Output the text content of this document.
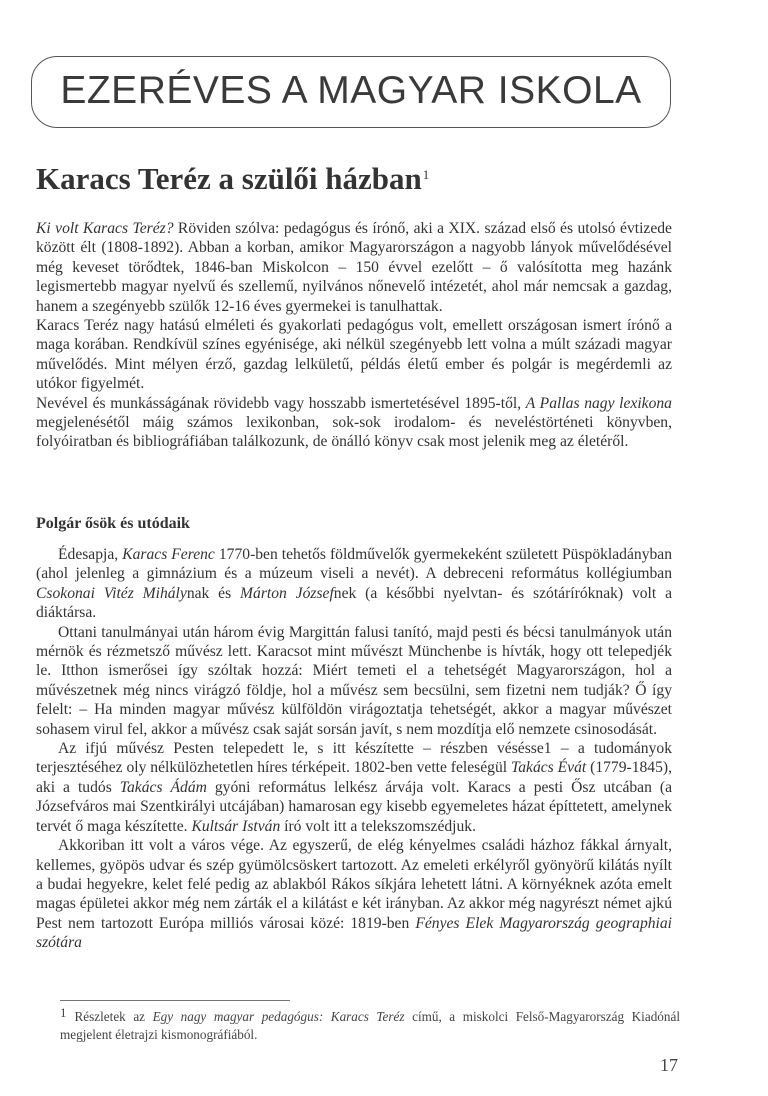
EZERÉVES A MAGYAR ISKOLA
Karacs Teréz a szülői házban$^1$

Ki volt Karacs Teréz? Röviden szólva: pedagógus és írónő, aki a XIX. század első és utolsó évtizede között élt (1808-1892). Abban a korban, amikor Magyarországon a nagyobb lányok művelődésével még keveset törődtek, 1846-ban Miskolcon – 150 évvel ezelőtt – ő valósította meg hazánk legismertebb magyar nyelvű és szellemű, nyilvános nőnevelő intézetét, ahol már nemcsak a gazdag, hanem a szegényebb szülők 12-16 éves gyermekei is tanulhattak.

Karacs Teréz nagy hatású elméleti és gyakorlati pedagógus volt, emellett országosan ismert írónő a maga korában. Rendkívül színes egyénisége, aki nélkül szegényebb lett volna a múlt századi magyar művelődés. Mint mélyen érző, gazdag lelkületű, példás életű ember és polgár is megérdemli az utókor figyelmét.

Nevével és munkásságának rövidebb vagy hosszabb ismertetésével 1895-től, A Pallas nagy lexikona megjelenésétől máig számos lexikonban, sok-sok irodalom- és neveléstörténeti könyvben, folyóiratban és bibliográfiában találkozunk, de önálló könyv csak most jelenik meg az életéről.

Polgár ősök és utódaik

Édesapja, Karacs Ferenc 1770-ben tehetős földművelők gyermekeként született Püspökladányban (ahol jelenleg a gimnázium és a múzeum viseli a nevét). A debreceni református kollégiumban Csokonai Vitéz Mihálynak és Márton Józsefnek (a későbbi nyelvtan- és szótáríróknak) volt a diáktársa.

Ottani tanulmányai után három évig Margittán falusi tanító, majd pesti és bécsi tanulmányok után mérnök és rézmetsző művész lett. Karacsot mint művészt Münchenbe is hívták, hogy ott telepedjék le. Itthon ismerősei így szóltak hozzá: Miért temeti el a tehetségét Magyarországon, hol a művészetnek még nincs virágzó földje, hol a művész sem becsülni, sem fizetni nem tudják? Ő így felelt: – Ha minden magyar művész külföldön virágoztatja tehetségét, akkor a magyar művészet sohasem virul fel, akkor a művész csak saját sorsán javít, s nem mozdítja elő nemzete csinosodását.

Az ifjú művész Pesten telepedett le, s itt készítette – részben vésésse1 – a tudományok terjesztéséhez oly nélkülözhetetlen híres térképeit. 1802-ben vette feleségül Takács Évát (1779-1845), aki a tudós Takács Ádám gyóni református lelkész árvája volt. Karacs a pesti Ősz utcában (a Józsefváros mai Szentkirályi utcájában) hamarosan egy kisebb egyemeletes házat építtetett, amelynek tervét ő maga készítette. Kultsár István író volt itt a telekszomszédjuk.

Akkoriban itt volt a város vége. Az egyszerű, de elég kényelmes családi házhoz fákkal árnyalt, kellemes, gyöpös udvar és szép gyümölcsöskert tartozott. Az emeleti erkélyről gyönyörű kilátás nyílt a budai hegyekre, kelet felé pedig az ablakból Rákos síkjára lehetett látni. A környéknek azóta emelt magas épületei akkor még nem zárták el a kilátást e két irányban. Az akkor még nagyrészt német ajkú Pest nem tartozott Európa milliós városai közé: 1819-ben Fényes Elek Magyarország geographiai szótára

1 Részletek az Egy nagy magyar pedagógus: Karacs Teréz című, a miskolci Felső-Magyarország Kiadónál megjelent életrajzi kismonográfiából.
17
